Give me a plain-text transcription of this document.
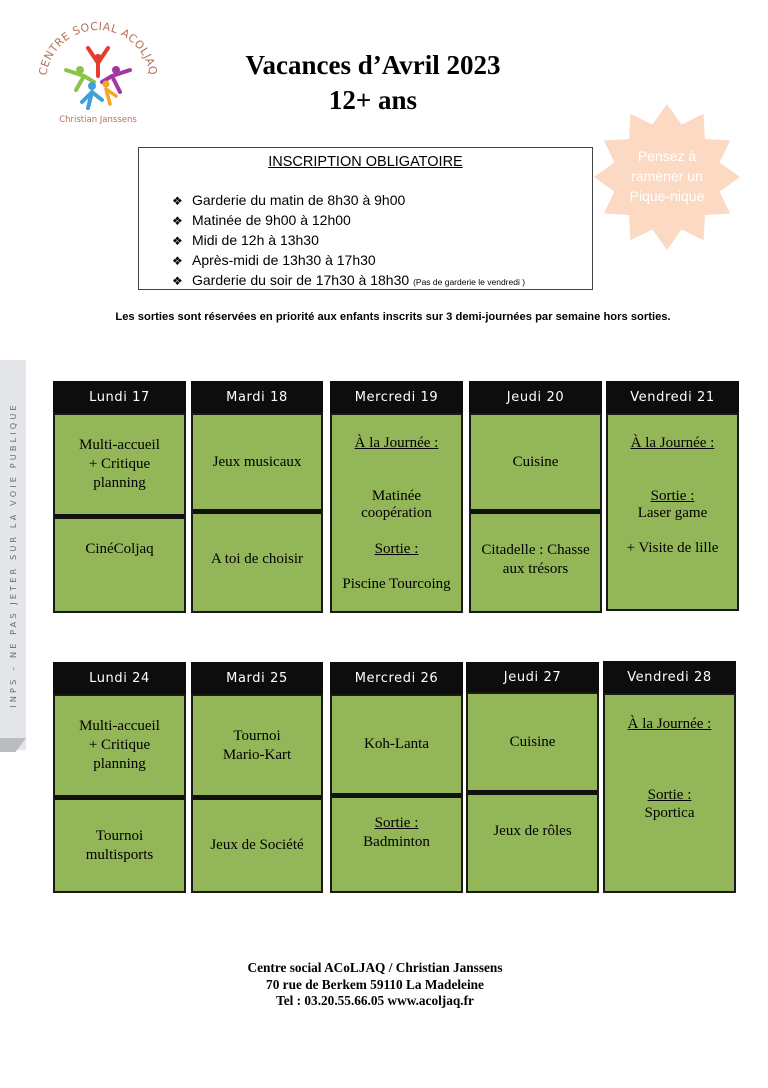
INPS – NE PAS JETER SUR LA VOIE PUBLIQUE
CENTRE SOCIAL ACOLJAQ
Christian Janssens
Vacances d’Avril 2023
12+ ans
INSCRIPTION OBLIGATOIRE
❖ Garderie du matin de 8h30 à 9h00
❖ Matinée de 9h00 à 12h00
❖ Midi de 12h à 13h30
❖ Après-midi de 13h30 à 17h30
❖ Garderie du soir de 17h30 à 18h30 (Pas de garderie le vendredi )
Pensez à
ramener un
Pique-nique
Les sorties sont réservées en priorité aux enfants inscrits sur 3 demi-journées par semaine hors sorties.
Lundi 17
Multi-accueil
+ Critique
planning
CinéColjaq
Mardi 18
Jeux musicaux
A toi de choisir
Mercredi 19
À la Journée :
Matinée
coopération
Sortie :
Piscine Tourcoing
Jeudi 20
Cuisine
Citadelle : Chasse
aux trésors
Vendredi 21
À la Journée :
Sortie :
Laser game
+ Visite de lille
Lundi 24
Multi-accueil
+ Critique
planning
Tournoi
multisports
Mardi 25
Tournoi
Mario-Kart
Jeux de Société
Mercredi 26
Koh-Lanta
Sortie :
Badminton
Jeudi 27
Cuisine
Jeux de rôles
Vendredi 28
À la Journée :
Sortie :
Sportica
Centre social ACoLJAQ / Christian Janssens
70 rue de Berkem 59110 La Madeleine
Tel : 03.20.55.66.05 www.acoljaq.fr
